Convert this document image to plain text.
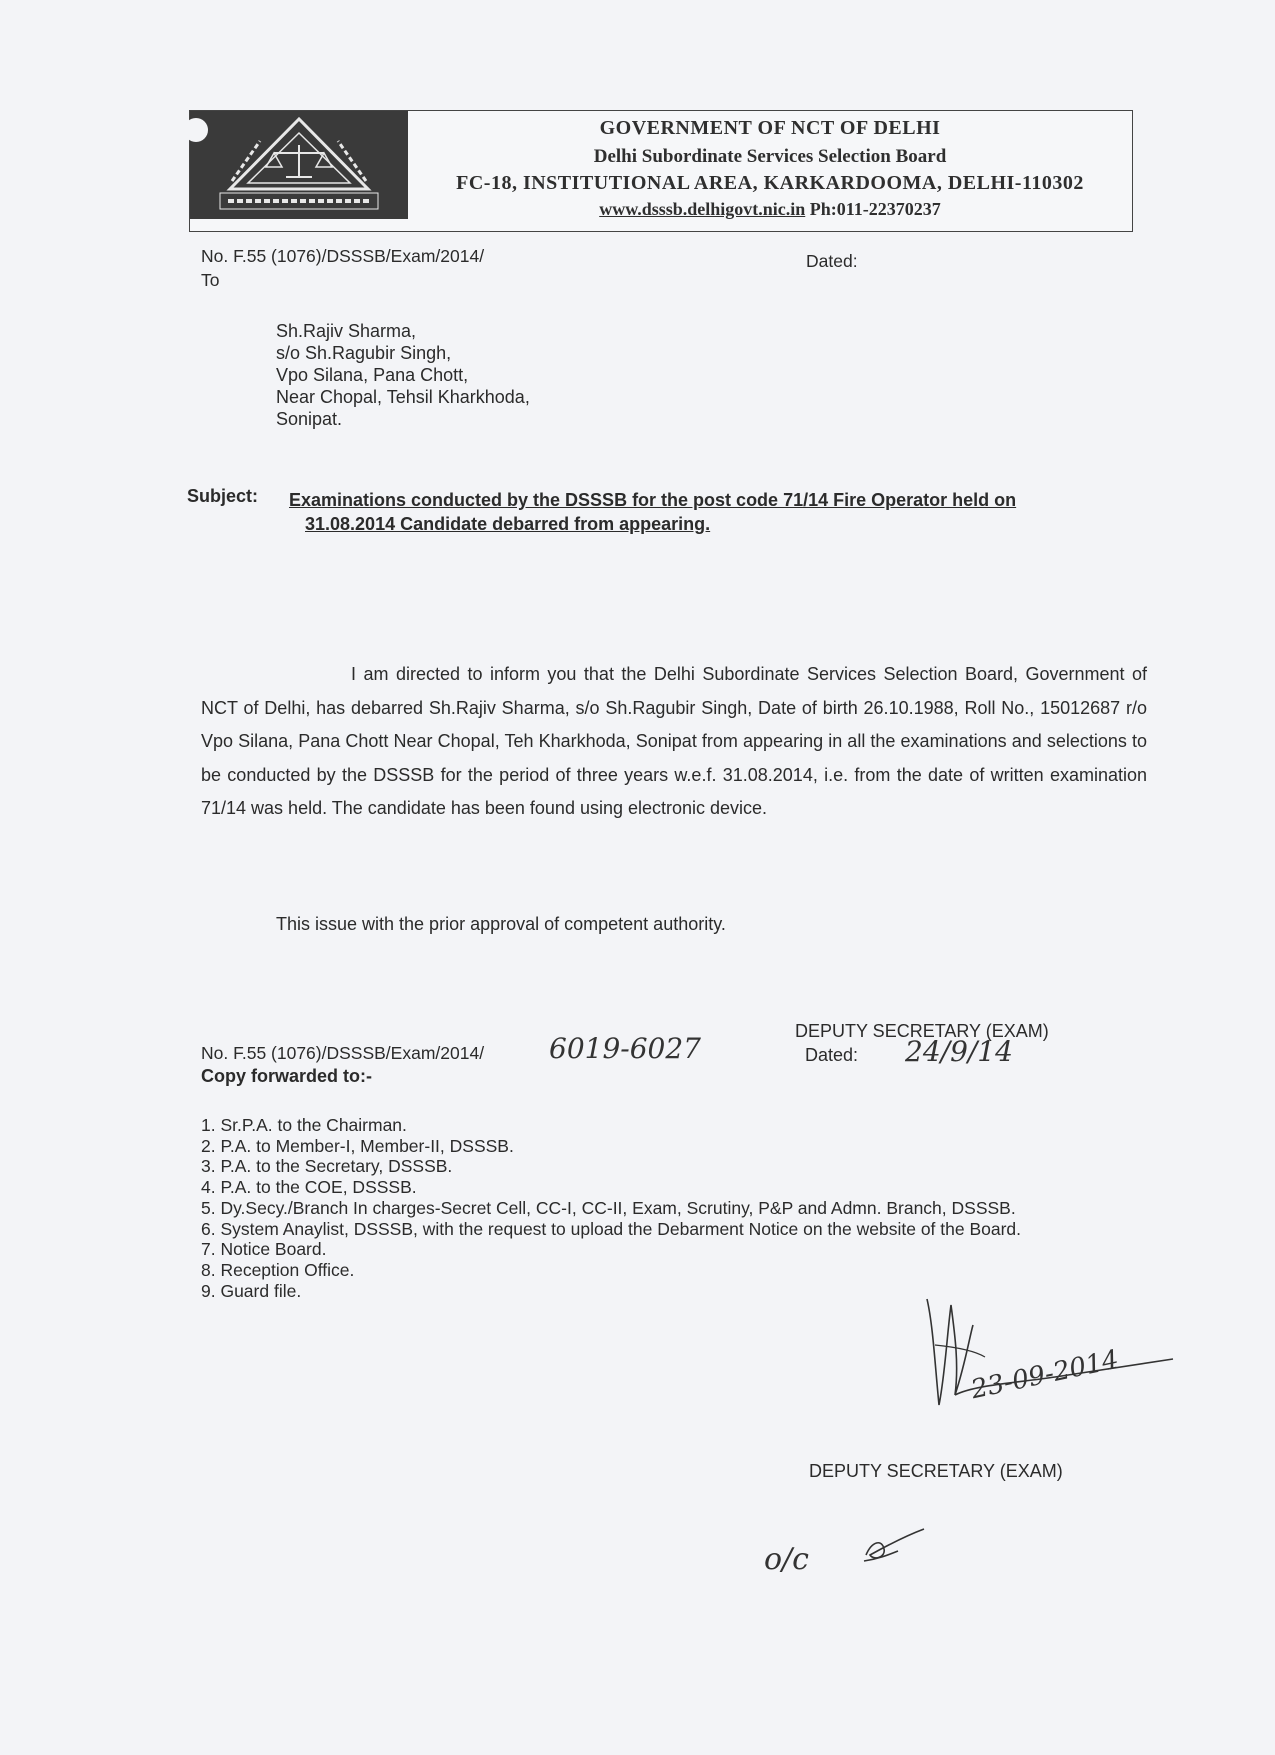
GOVERNMENT OF NCT OF DELHI
Delhi Subordinate Services Selection Board
FC-18, INSTITUTIONAL AREA, KARKARDOOMA, DELHI-110302
www.dsssb.delhigovt.nic.in Ph:011-22370237
No. F.55 (1076)/DSSSB/Exam/2014/	Dated:
To
Sh.Rajiv Sharma,
s/o Sh.Ragubir Singh,
Vpo Silana, Pana Chott,
Near Chopal, Tehsil Kharkhoda,
Sonipat.
Subject: Examinations conducted by the DSSSB for the post code 71/14 Fire Operator held on
31.08.2014 Candidate debarred from appearing.
I am directed to inform you that the Delhi Subordinate Services Selection Board, Government of NCT of Delhi, has debarred Sh.Rajiv Sharma, s/o Sh.Ragubir Singh, Date of birth 26.10.1988, Roll No., 15012687 r/o Vpo Silana, Pana Chott Near Chopal, Teh Kharkhoda, Sonipat from appearing in all the examinations and selections to be conducted by the DSSSB for the period of three years w.e.f. 31.08.2014, i.e. from the date of written examination 71/14 was held. The candidate has been found using electronic device.
This issue with the prior approval of competent authority.
DEPUTY SECRETARY (EXAM)
No. F.55 (1076)/DSSSB/Exam/2014/ 6019-6027	Dated: 24/9/14
Copy forwarded to:-
1. Sr.P.A. to the Chairman.
2. P.A. to Member-I, Member-II, DSSSB.
3. P.A. to the Secretary, DSSSB.
4. P.A. to the COE, DSSSB.
5. Dy.Secy./Branch In charges-Secret Cell, CC-I, CC-II, Exam, Scrutiny, P&P and Admn. Branch, DSSSB.
6. System Anaylist, DSSSB, with the request to upload the Debarment Notice on the website of the Board.
7. Notice Board.
8. Reception Office.
9. Guard file.
23-09-2014
DEPUTY SECRETARY (EXAM)
o/c
